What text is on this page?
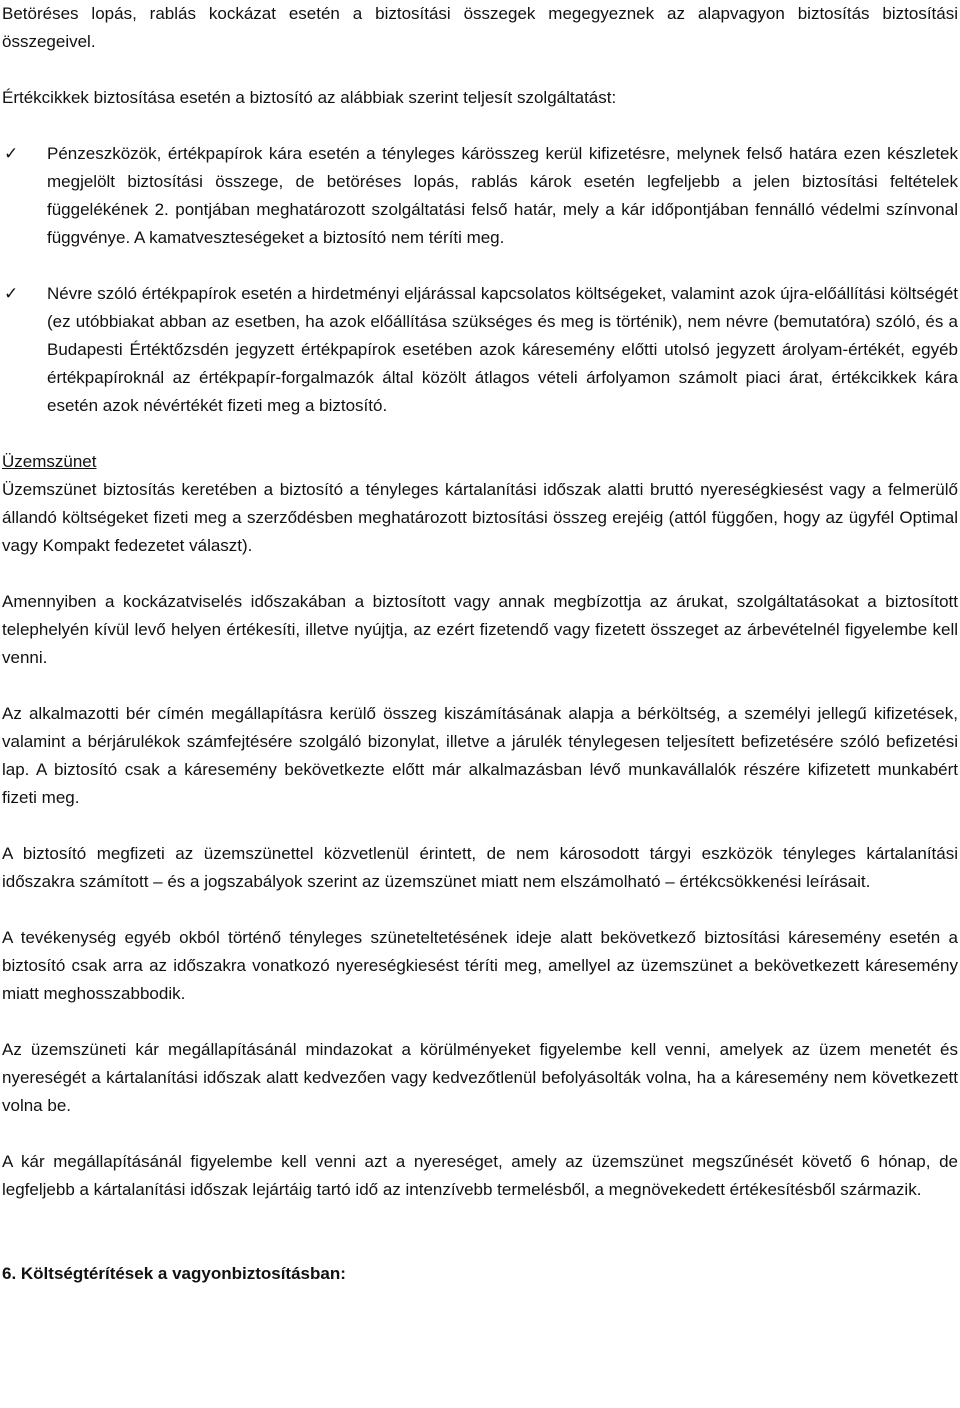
Betöréses lopás, rablás kockázat esetén a biztosítási összegek megegyeznek az alapvagyon biztosítás biztosítási összegeivel.

Értékcikkek biztosítása esetén a biztosító az alábbiak szerint teljesít szolgáltatást:

✓ Pénzeszközök, értékpapírok kára esetén a tényleges kárösszeg kerül kifizetésre, melynek felső határa ezen készletek megjelölt biztosítási összege, de betöréses lopás, rablás károk esetén legfeljebb a jelen biztosítási feltételek függelékének 2. pontjában meghatározott szolgáltatási felső határ, mely a kár időpontjában fennálló védelmi színvonal függvénye. A kamatveszteségeket a biztosító nem téríti meg.
✓ Névre szóló értékpapírok esetén a hirdetményi eljárással kapcsolatos költségeket, valamint azok újra-előállítási költségét (ez utóbbiakat abban az esetben, ha azok előállítása szükséges és meg is történik), nem névre (bemutatóra) szóló, és a Budapesti Értéktőzsdén jegyzett értékpapírok esetében azok káresemény előtti utolsó jegyzett árolyam-értékét, egyéb értékpapíroknál az értékpapír-forgalmazók által közölt átlagos vételi árfolyamon számolt piaci árat, értékcikkek kára esetén azok névértékét fizeti meg a biztosító.

Üzemszünet

Üzemszünet biztosítás keretében a biztosító a tényleges kártalanítási időszak alatti bruttó nyereségkiesést vagy a felmerülő állandó költségeket fizeti meg a szerződésben meghatározott biztosítási összeg erejéig (attól függően, hogy az ügyfél Optimal vagy Kompakt fedezetet választ).

Amennyiben a kockázatviselés időszakában a biztosított vagy annak megbízottja az árukat, szolgáltatásokat a biztosított telephelyén kívül levő helyen értékesíti, illetve nyújtja, az ezért fizetendő vagy fizetett összeget az árbevételnél figyelembe kell venni.

Az alkalmazotti bér címén megállapításra kerülő összeg kiszámításának alapja a bérköltség, a személyi jellegű kifizetések, valamint a bérjárulékok számfejtésére szolgáló bizonylat, illetve a járulék ténylegesen teljesített befizetésére szóló befizetési lap. A biztosító csak a káresemény bekövetkezte előtt már alkalmazásban lévő munkavállalók részére kifizetett munkabért fizeti meg.

A biztosító megfizeti az üzemszünettel közvetlenül érintett, de nem károsodott tárgyi eszközök tényleges kártalanítási időszakra számított – és a jogszabályok szerint az üzemszünet miatt nem elszámolható – értékcsökkenési leírásait.

A tevékenység egyéb okból történő tényleges szüneteltetésének ideje alatt bekövetkező biztosítási káresemény esetén a biztosító csak arra az időszakra vonatkozó nyereségkiesést téríti meg, amellyel az üzemszünet a bekövetkezett káresemény miatt meghosszabbodik.

Az üzemszüneti kár megállapításánál mindazokat a körülményeket figyelembe kell venni, amelyek az üzem menetét és nyereségét a kártalanítási időszak alatt kedvezően vagy kedvezőtlenül befolyásolták volna, ha a káresemény nem következett volna be.

A kár megállapításánál figyelembe kell venni azt a nyereséget, amely az üzemszünet megszűnését követő 6 hónap, de legfeljebb a kártalanítási időszak lejártáig tartó idő az intenzívebb termelésből, a megnövekedett értékesítésből származik.

6. Költségtérítések a vagyonbiztosításban:
